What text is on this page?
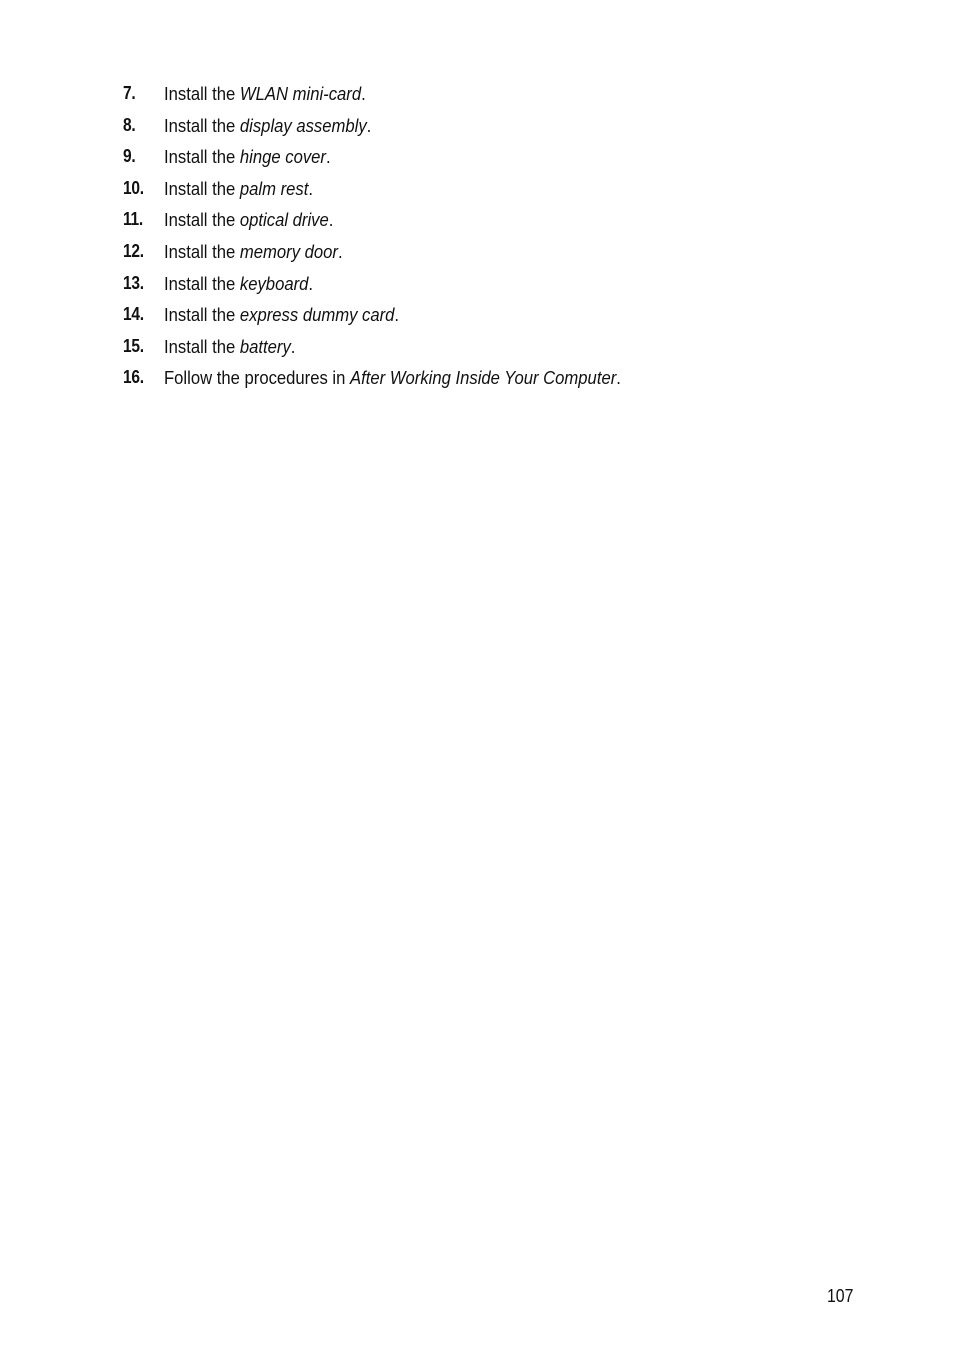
7. Install the WLAN mini-card.
8. Install the display assembly.
9. Install the hinge cover.
10. Install the palm rest.
11. Install the optical drive.
12. Install the memory door.
13. Install the keyboard.
14. Install the express dummy card.
15. Install the battery.
16. Follow the procedures in After Working Inside Your Computer.
107
